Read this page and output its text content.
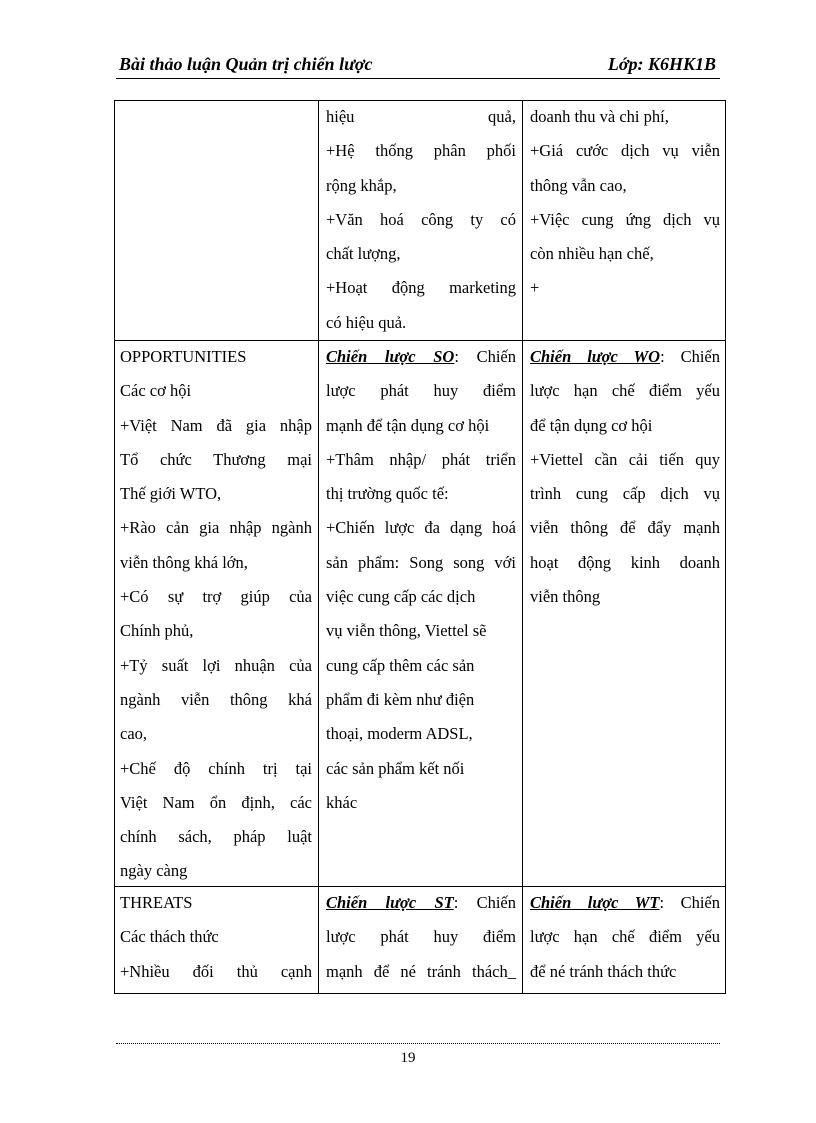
Bài thảo luận Quản trị chiến lược	Lớp: K6HK1B
hiệu quả,
+Hệ thống phân phối
rộng khắp,
+Văn hoá công ty có
chất lượng,
+Hoạt động marketing
có hiệu quả.
doanh thu và chi phí,
+Giá cước dịch vụ viễn
thông vẫn cao,
+Việc cung ứng dịch vụ
còn nhiều hạn chế,
+
OPPORTUNITIES
Các cơ hội
+Việt Nam đã gia nhập
Tổ chức Thương mại
Thế giới WTO,
+Rào cản gia nhập ngành
viễn thông khá lớn,
+Có sự trợ giúp của
Chính phủ,
+Tỷ suất lợi nhuận của
ngành viễn thông khá
cao,
+Chế độ chính trị tại
Việt Nam ổn định, các
chính sách, pháp luật
ngày càng
Chiến lược SO: Chiến
lược phát huy điểm
mạnh để tận dụng cơ hội
+Thâm nhập/ phát triển
thị trường quốc tế:
+Chiến lược đa dạng hoá
sản phẩm: Song song với
việc cung cấp các dịch
vụ viễn thông, Viettel sẽ
cung cấp thêm các sản
phẩm đi kèm như điện
thoại, moderm ADSL,
các sản phẩm kết nối
khác
Chiến lược WO: Chiến
lược hạn chế điểm yếu
để tận dụng cơ hội
+Viettel cần cải tiến quy
trình cung cấp dịch vụ
viễn thông để đẩy mạnh
hoạt động kinh doanh
viễn thông
THREATS
Các thách thức
+Nhiều đối thủ cạnh
Chiến lược ST: Chiến
lược phát huy điểm
mạnh để né tránh thách_
Chiến lược WT: Chiến
lược hạn chế điểm yếu
để né tránh thách thức
19
